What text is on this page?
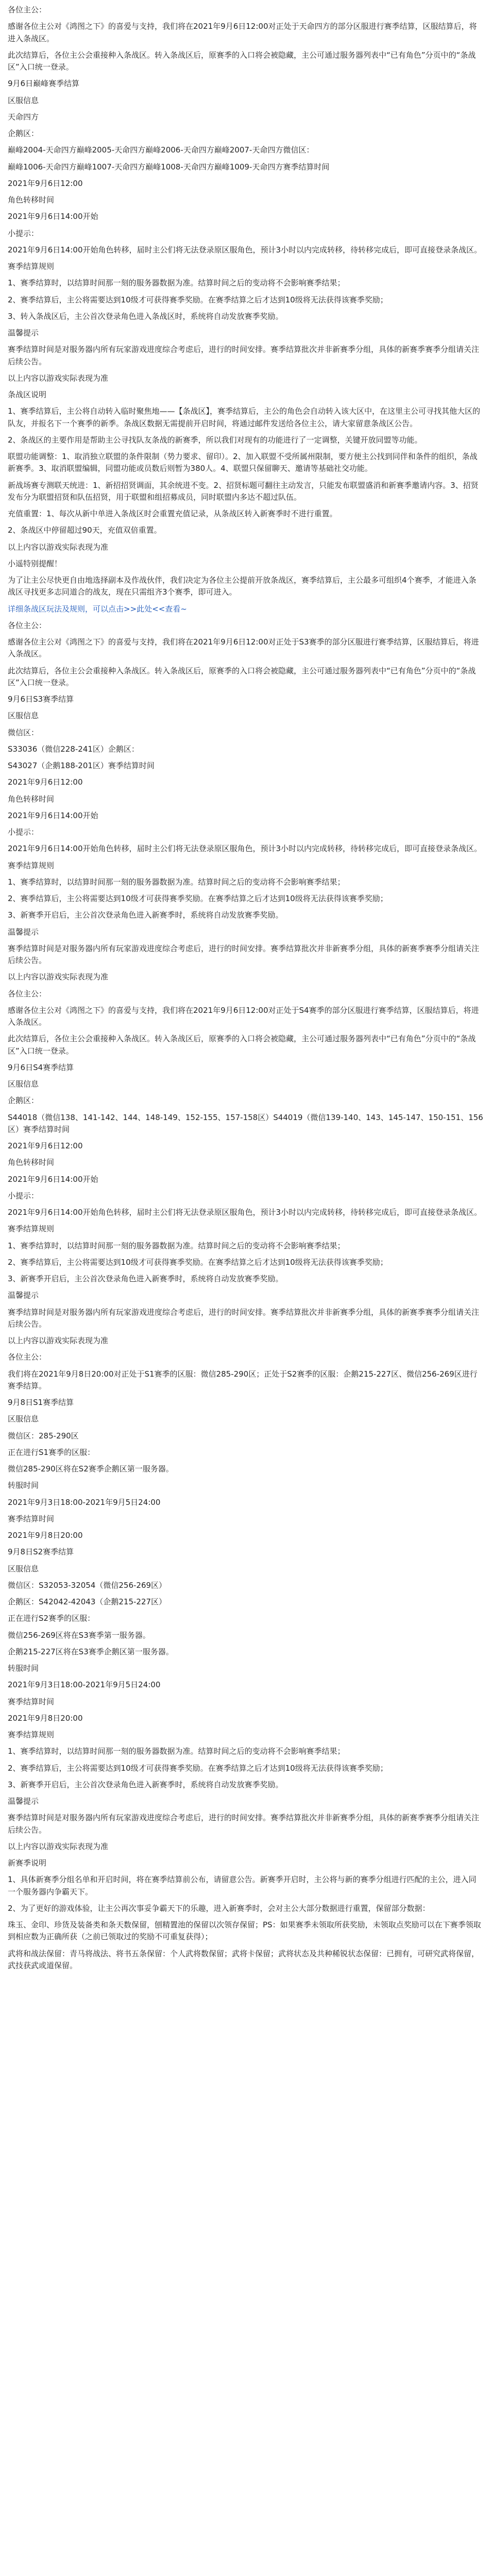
各位主公：
感谢各位主公对《鸿图之下》的喜爱与支持，我们将在2021年9月6日12:00对正处于天命四方的部分区服进行赛季结算，区服结算后，将进入条战区。
此次结算后，各位主公会重接种入条战区。转入条战区后，原赛季的入口将会被隐藏，主公可通过服务器列表中“已有角色”分页中的“条战区”入口统一登录。
9月6日巅峰赛季结算
区服信息
天命四方
企鹅区：
巅峰2004-天命四方巅峰2005-天命四方巅峰2006-天命四方巅峰2007-天命四方微信区：
巅峰1006-天命四方巅峰1007-天命四方巅峰1008-天命四方巅峰1009-天命四方赛季结算时间
2021年9月6日12:00
角色转移时间
2021年9月6日14:00开始
小提示：
2021年9月6日14:00开始角色转移，届时主公们将无法登录原区服角色，预计3小时以内完成转移，待转移完成后，即可直接登录条战区。
赛季结算规则
1、赛季结算时，以结算时间那一刻的服务器数据为准。结算时间之后的变动将不会影响赛季结果；
2、赛季结算后，主公将需要达到10级才可获得赛季奖励。在赛季结算之后才达到10级将无法获得该赛季奖励；
3、转入条战区后，主公首次登录角色进入条战区时，系统将自动发放赛季奖励。
温馨提示
赛季结算时间是对服务器内所有玩家游戏进度综合考虑后，进行的时间安排。赛季结算批次并非新赛季分组，具体的新赛季赛季分组请关注后续公告。
以上内容以游戏实际表现为准
条战区说明
1、赛季结算后，主公将自动转入临时聚焦地——【条战区】，赛季结算后，主公的角色会自动转入该大区中，在这里主公可寻找其他大区的队友，并报名下一个赛季的新季。条战区数据无需提前开启时间，将通过邮件发送给各位主公，请大家留意条战区公告。
2、条战区的主要作用是帮助主公寻找队友条战的新赛季，所以我们对现有的功能进行了一定调整，关键开放同盟等功能。
联盟功能调整：1、取消独立联盟的条件限制（势力要求、留印）。2、加入联盟不受所属州限制，要方便主公找到同伴和条件的组织，条战新赛季。3、取消联盟编辑，同盟功能或员数后则暂为380人。4、联盟只保留聊天、邀请等基础社交功能。
新战场赛专测联天统进：1、新招招贤调面，其余统进不变。2、招贤标题可翻往主动发言，只能发布联盟盛消和新赛季邀请内容。3、招贤发布分为联盟招贤和队伍招贤，用于联盟和组招募成员，同时联盟内多达不超过队伍。
充值重置：1、每次从新中单进入条战区时会重置充值记录，从条战区转入新赛季时不进行重置。
2、条战区中停留超过90天，充值双倍重置。
以上内容以游戏实际表现为准
小遥特别提醒！
为了让主公尽快更自由地选择副本及作战伙伴，我们决定为各位主公提前开放条战区，赛季结算后，主公最多可组织4个赛季，才能进入条战区寻找更多志同道合的战友，现在只需组齐3个赛季，即可进入。
详细条战区玩法及规则，可以点击>>此处<<查看~
各位主公：
感谢各位主公对《鸿图之下》的喜爱与支持，我们将在2021年9月6日12:00对正处于S3赛季的部分区服进行赛季结算，区服结算后，将进入条战区。
此次结算后，各位主公会重接种入条战区。转入条战区后，原赛季的入口将会被隐藏，主公可通过服务器列表中“已有角色”分页中的“条战区”入口统一登录。
9月6日S3赛季结算
区服信息
微信区：
S33036（微信228-241区）企鹅区：
S43027（企鹅188-201区）赛季结算时间
2021年9月6日12:00
角色转移时间
2021年9月6日14:00开始
小提示：
2021年9月6日14:00开始角色转移，届时主公们将无法登录原区服角色，预计3小时以内完成转移，待转移完成后，即可直接登录条战区。
赛季结算规则
1、赛季结算时，以结算时间那一刻的服务器数据为准。结算时间之后的变动将不会影响赛季结果；
2、赛季结算后，主公将需要达到10级才可获得赛季奖励。在赛季结算之后才达到10级将无法获得该赛季奖励；
3、新赛季开启后，主公首次登录角色进入新赛季时，系统将自动发放赛季奖励。
温馨提示
赛季结算时间是对服务器内所有玩家游戏进度综合考虑后，进行的时间安排。赛季结算批次并非新赛季分组，具体的新赛季赛季分组请关注后续公告。
以上内容以游戏实际表现为准
各位主公：
感谢各位主公对《鸿图之下》的喜爱与支持，我们将在2021年9月6日12:00对正处于S4赛季的部分区服进行赛季结算，区服结算后，将进入条战区。
此次结算后，各位主公会重接种入条战区。转入条战区后，原赛季的入口将会被隐藏，主公可通过服务器列表中“已有角色”分页中的“条战区”入口统一登录。
9月6日S4赛季结算
区服信息
企鹅区：
S44018（微信138、141-142、144、148-149、152-155、157-158区）S44019（微信139-140、143、145-147、150-151、156区）赛季结算时间
2021年9月6日12:00
角色转移时间
2021年9月6日14:00开始
小提示：
2021年9月6日14:00开始角色转移，届时主公们将无法登录原区服角色，预计3小时以内完成转移，待转移完成后，即可直接登录条战区。
赛季结算规则
1、赛季结算时，以结算时间那一刻的服务器数据为准。结算时间之后的变动将不会影响赛季结果；
2、赛季结算后，主公将需要达到10级才可获得赛季奖励。在赛季结算之后才达到10级将无法获得该赛季奖励；
3、新赛季开启后，主公首次登录角色进入新赛季时，系统将自动发放赛季奖励。
温馨提示
赛季结算时间是对服务器内所有玩家游戏进度综合考虑后，进行的时间安排。赛季结算批次并非新赛季分组，具体的新赛季赛季分组请关注后续公告。
以上内容以游戏实际表现为准
各位主公：
我们将在2021年9月8日20:00对正处于S1赛季的区服：微信285-290区；正处于S2赛季的区服：企鹅215-227区、微信256-269区进行赛季结算。
9月8日S1赛季结算
区服信息
微信区：285-290区
正在进行S1赛季的区服：
微信285-290区将在S2赛季企鹅区第一服务器。
转服时间
2021年9月3日18:00-2021年9月5日24:00
赛季结算时间
2021年9月8日20:00
9月8日S2赛季结算
区服信息
微信区：S32053-32054（微信256-269区）
企鹅区：S42042-42043（企鹅215-227区）
正在进行S2赛季的区服：
微信256-269区将在S3赛季第一服务器。
企鹅215-227区将在S3赛季企鹅区第一服务器。
转服时间
2021年9月3日18:00-2021年9月5日24:00
赛季结算时间
2021年9月8日20:00
赛季结算规则
1、赛季结算时，以结算时间那一刻的服务器数据为准。结算时间之后的变动将不会影响赛季结果；
2、赛季结算后，主公将需要达到10级才可获得赛季奖励。在赛季结算之后才达到10级将无法获得该赛季奖励；
3、新赛季开启后，主公首次登录角色进入新赛季时，系统将自动发放赛季奖励。
温馨提示
赛季结算时间是对服务器内所有玩家游戏进度综合考虑后，进行的时间安排。赛季结算批次并非新赛季分组，具体的新赛季赛季分组请关注后续公告。
以上内容以游戏实际表现为准
新赛季说明
1、具体新赛季分组名单和开启时间，将在赛季结算前公布，请留意公告。新赛季开启时，主公将与新的赛季分组进行匹配的主公，进入同一个服务器内争霸天下。
2、为了更好的游戏体验，让主公再次事妥争霸天下的乐趣，进入新赛季时，会对主公大部分数据进行重置，保留部分数据：
珠玉、金印、珍货及装备类和条天数保留，刨精置池的保留以次领存保留；PS：如果赛季未领取所获奖励，未领取点奖励可以在下赛季领取到相应数为正确所获（之前已领取过的奖励不可重复获得）；
武将和战法保留：青马将战法、将书五条保留：个人武将数保留；武将卡保留；武将状态及共种稀锐状态保留：已拥有，可研究武将保留，武技获武或道保留。
